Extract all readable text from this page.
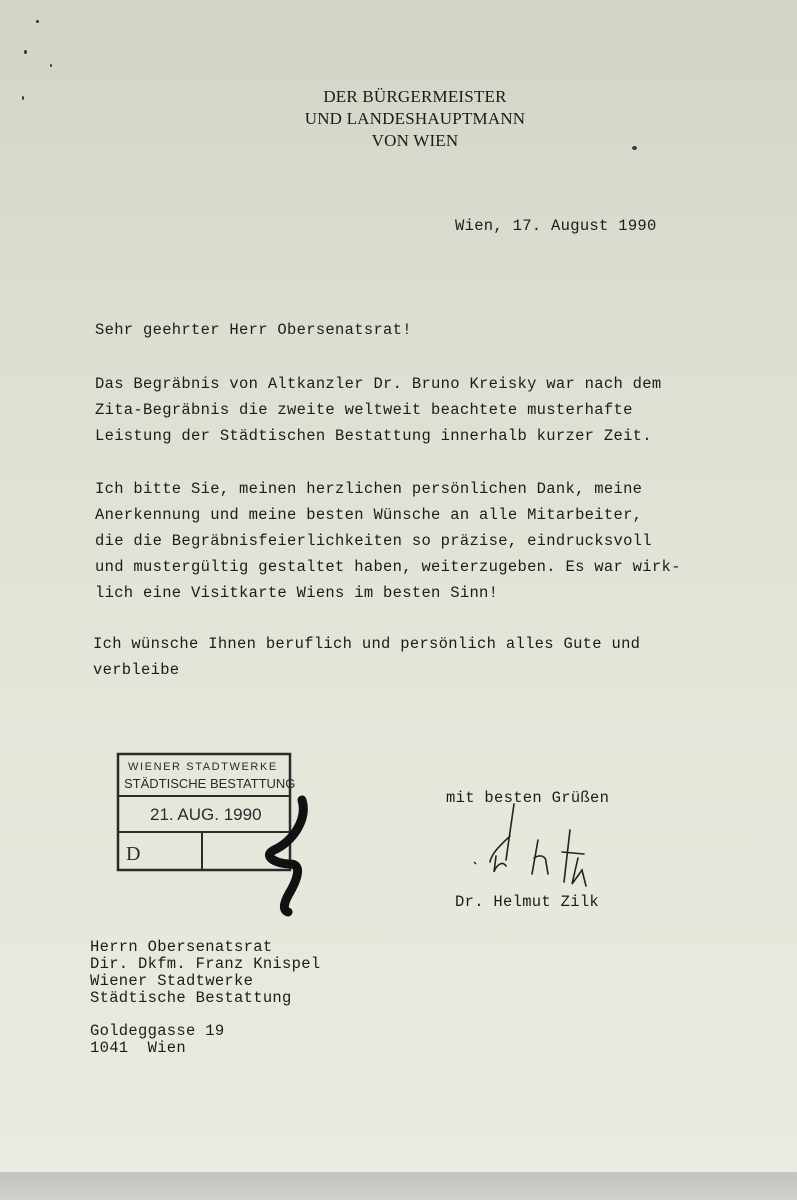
DER BÜRGERMEISTER
UND LANDESHAUPTMANN
VON WIEN
Wien, 17. August 1990
Sehr geehrter Herr Obersenatsrat!
Das Begräbnis von Altkanzler Dr. Bruno Kreisky war nach dem
Zita-Begräbnis die zweite weltweit beachtete musterhafte
Leistung der Städtischen Bestattung innerhalb kurzer Zeit.
Ich bitte Sie, meinen herzlichen persönlichen Dank, meine
Anerkennung und meine besten Wünsche an alle Mitarbeiter,
die die Begräbnisfeierlichkeiten so präzise, eindrucksvoll
und mustergültig gestaltet haben, weiterzugeben. Es war wirk-
lich eine Visitkarte Wiens im besten Sinn!
Ich wünsche Ihnen beruflich und persönlich alles Gute und
verbleibe
WIENER STADTWERKE
STÄDTISCHE BESTATTUNG
21. AUG. 1990
D
mit besten Grüßen
Dr. Helmut Zilk
Herrn Obersenatsrat
Dir. Dkfm. Franz Knispel
Wiener Stadtwerke
Städtische Bestattung
Goldeggasse 19
1041  Wien
